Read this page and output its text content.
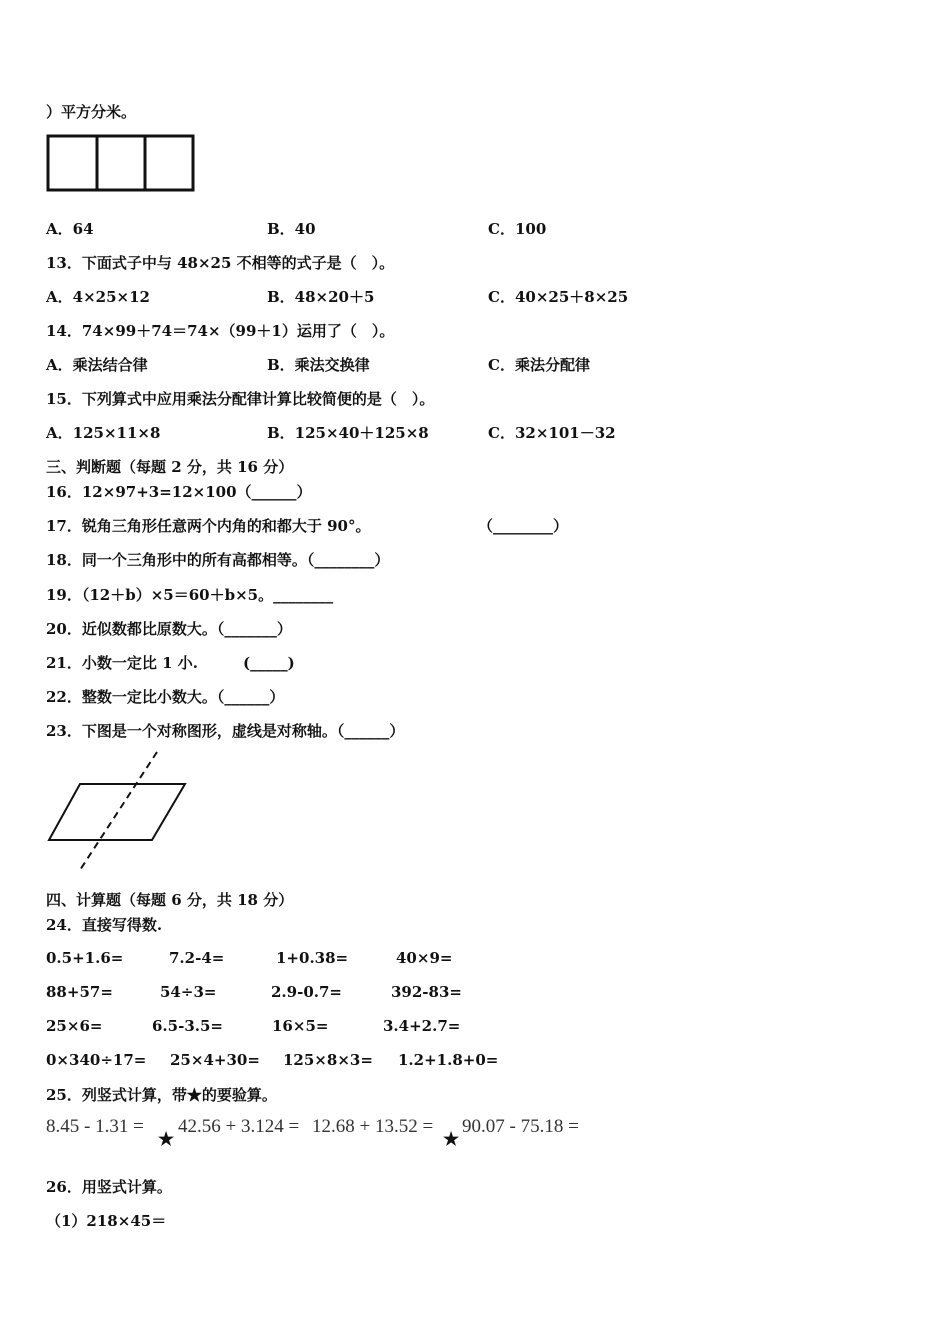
）平方分米。
A．64	B．40	C．100
13．下面式子中与 48×25 不相等的式子是（　）。
A．4×25×12	B．48×20＋5	C．40×25＋8×25
14．74×99＋74＝74×（99＋1）运用了（　）。
A．乘法结合律	B．乘法交换律	C．乘法分配律
15．下列算式中应用乘法分配律计算比较简便的是（　）。
A．125×11×8	B．125×40＋125×8	C．32×101－32
三、判断题（每题 2 分，共 16 分）
16．12×97+3=12×100（______）
17．锐角三角形任意两个内角的和都大于 90°。	（________）
18．同一个三角形中的所有高都相等。（________）
19．（12＋b）×5＝60＋b×5。________
20．近似数都比原数大。（_______）
21．小数一定比 1 小.	(_____)
22．整数一定比小数大。（______）
23．下图是一个对称图形，虚线是对称轴。（______）
四、计算题（每题 6 分，共 18 分）
24．直接写得数.
0.5+1.6=	7.2-4=	1+0.38=	40×9=
88+57=	54÷3=	2.9-0.7=	392-83=
25×6=	6.5-3.5=	16×5=	3.4+2.7=
0×340÷17= 25×4+30= 125×8×3= 1.2+1.8+0=
25．列竖式计算，带★的要验算。
8.45 - 1.31 =
★
42.56 + 3.124 = 12.68 + 13.52 =
★
90.07 - 75.18 =
26．用竖式计算。
（1）218×45＝
